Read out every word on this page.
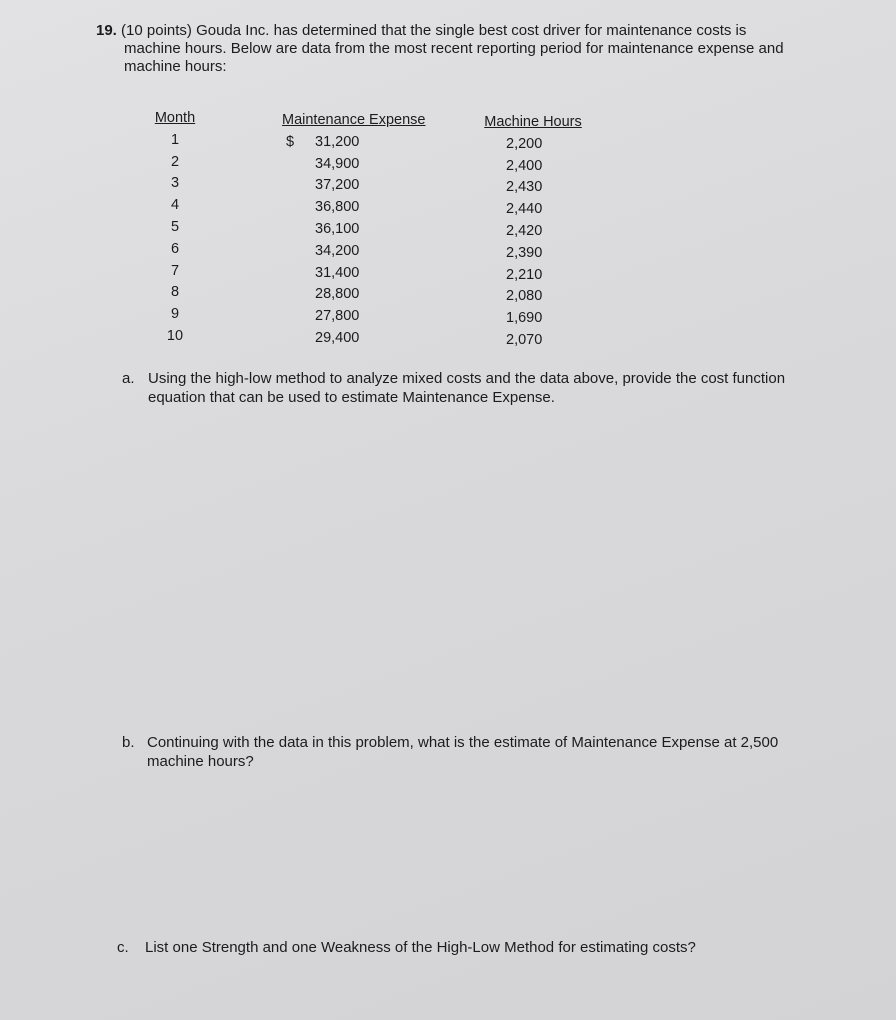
19. (10 points) Gouda Inc. has determined that the single best cost driver for maintenance costs is
machine hours. Below are data from the most recent reporting period for maintenance expense and
machine hours:
Month
1
2
3
4
5
6
7
8
9
10
Maintenance Expense
$ 31,200
34,900
37,200
36,800
36,100
34,200
31,400
28,800
27,800
29,400
Machine Hours
2,200
2,400
2,430
2,440
2,420
2,390
2,210
2,080
1,690
2,070
a. Using the high-low method to analyze mixed costs and the data above, provide the cost function
equation that can be used to estimate Maintenance Expense.
b. Continuing with the data in this problem, what is the estimate of Maintenance Expense at 2,500
machine hours?
c.	List one Strength and one Weakness of the High-Low Method for estimating costs?
